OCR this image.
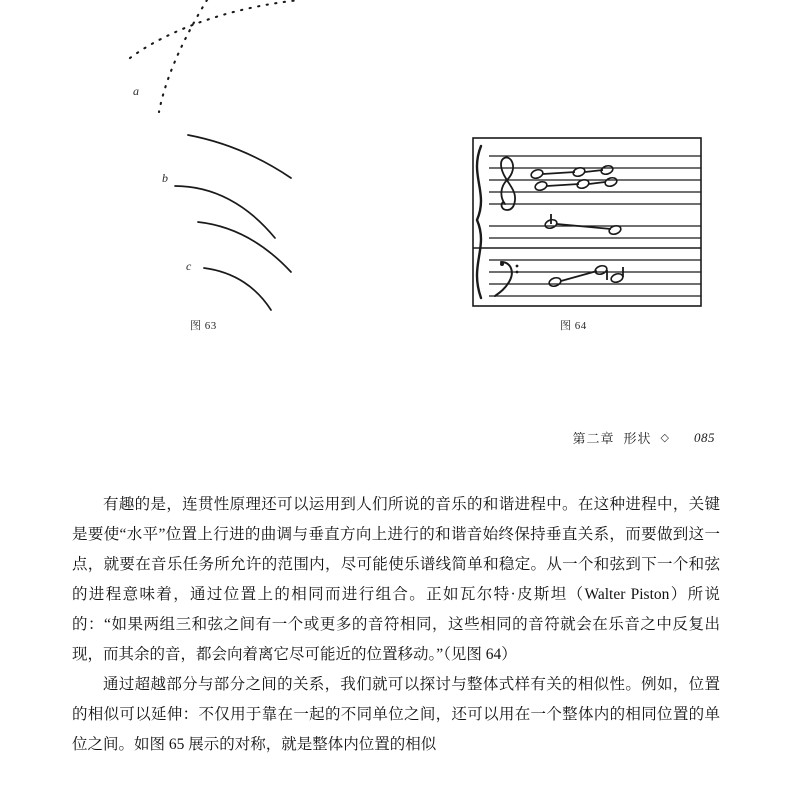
a
b
c
图 63	图 64
第二章 形状 ◇ 085

有趣的是，连贯性原理还可以运用到人们所说的音乐的和谐进程中。在这种进程中，关键是要使“水平”位置上行进的曲调与垂直方向上进行的和谐音始终保持垂直关系，而要做到这一点，就要在音乐任务所允许的范围内，尽可能使乐谱线简单和稳定。从一个和弦到下一个和弦的进程意味着，通过位置上的相同而进行组合。正如瓦尔特·皮斯坦（Walter Piston）所说的：“如果两组三和弦之间有一个或更多的音符相同，这些相同的音符就会在乐音之中反复出现，而其余的音，都会向着离它尽可能近的位置移动。”（见图 64）

通过超越部分与部分之间的关系，我们就可以探讨与整体式样有关的相似性。例如，位置的相似可以延伸：不仅用于靠在一起的不同单位之间，还可以用在一个整体内的相同位置的单位之间。如图 65 展示的对称，就是整体内位置的相似
